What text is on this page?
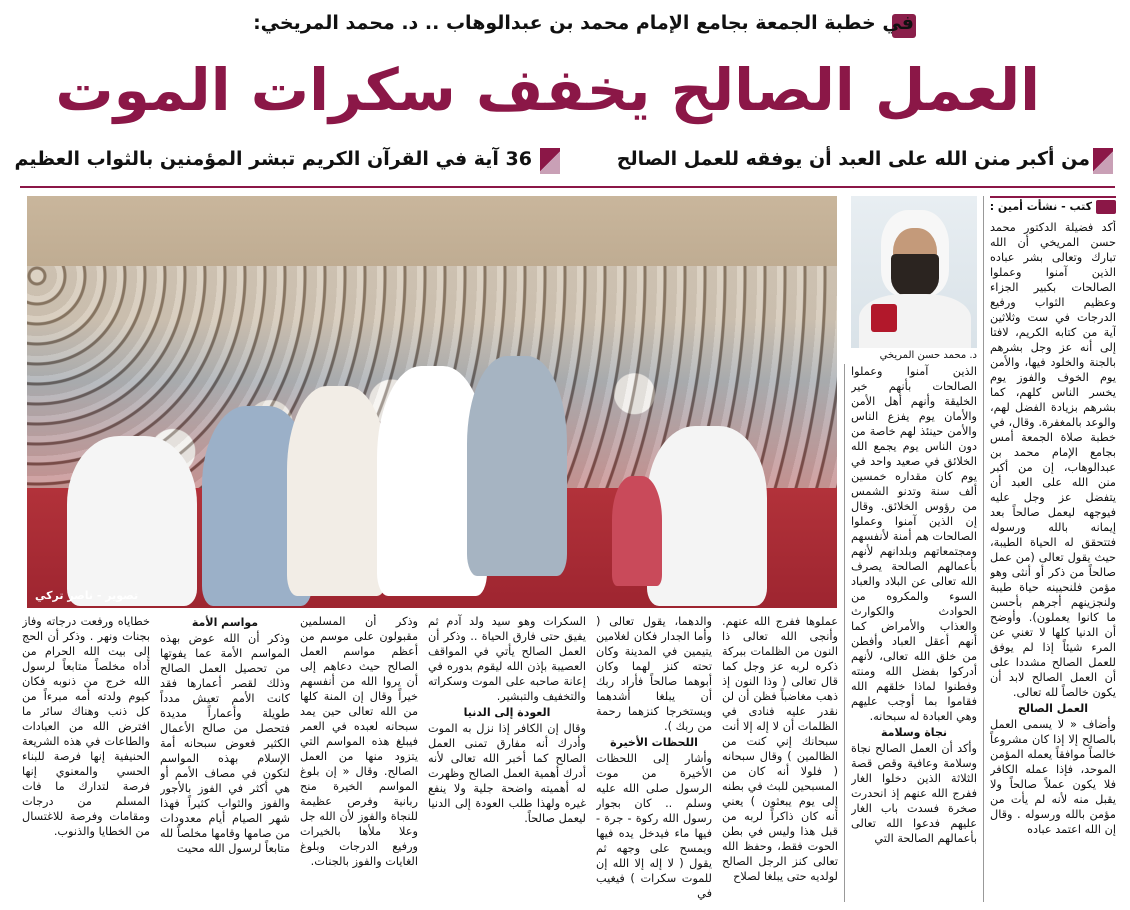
في خطبة الجمعة بجامع الإمام محمد بن عبدالوهاب .. د. محمد المريخي:
العمل الصالح يخفف سكرات الموت
من أكبر منن الله على العبد أن يوفقه للعمل الصالح
36 آية في القرآن الكريم تبشر المؤمنين بالثواب العظيم
تصوير - ناصر تركي
د. محمد حسن المريخي
كتب - نشأت أمين :

أكد فضيلة الدكتور محمد حسن المريخي أن الله تبارك وتعالى بشر عباده الذين آمنوا وعملوا الصالحات بكبير الجزاء وعظيم الثواب ورفيع الدرجات في ست وثلاثين آية من كتابه الكريم، لافتا إلى أنه عز وجل بشرهم بالجنة والخلود فيها، والأمن يوم الخوف والفوز يوم يخسر الناس كلهم، كما بشرهم بزيادة الفضل لهم، والوعد بالمغفرة. وقال، في خطبة صلاة الجمعة أمس بجامع الإمام محمد بن عبدالوهاب، إن من أكبر منن الله على العبد أن يتفضل عز وجل عليه فيوجهه ليعمل صالحاً بعد إيمانه بالله ورسوله فتتحقق له الحياة الطيبة، حيث يقول تعالى (من عمل صالحاً من ذكر أو أنثى وهو مؤمن فلنحيينه حياة طيبة ولنجزينهم أجرهم بأحسن ما كانوا يعملون). وأوضح أن الدنيا كلها لا تغني عن المرء شيئاً إذا لم يوفق للعمل الصالح مشددا على أن العمل الصالح لابد أن يكون خالصاً لله تعالى.

العمل الصالح

وأضاف « لا يسمى العمل بالصالح إلا إذا كان مشروعاً خالصاً موافقاً يعمله المؤمن الموحد، فإذا عمله الكافر فلا يكون عملاً صالحاً ولا يقبل منه لأنه لم يأت من مؤمن بالله ورسوله . وقال إن الله اعتمد عباده

الذين آمنوا وعملوا الصالحات بأنهم خير الخليقة وأنهم أهل الأمن والأمان يوم يفزع الناس والأمن حينئذ لهم خاصة من دون الناس يوم يجمع الله الخلائق في صعيد واحد في يوم كان مقداره خمسين ألف سنة وتدنو الشمس من رؤوس الخلائق. وقال إن الذين آمنوا وعملوا الصالحات هم أمنة لأنفسهم ومجتمعاتهم وبلدانهم لأنهم بأعمالهم الصالحة يصرف الله تعالى عن البلاد والعباد السوء والمكروه من الحوادث والكوارث والعذاب والأمراض كما أنهم أعقل العباد وأفطن من خلق الله تعالى، لأنهم أدركوا بفضل الله ومنته وفطنوا لماذا خلقهم الله فقاموا بما أوجب عليهم وهي العبادة له سبحانه.

نجاة وسلامة

وأكد أن العمل الصالح نجاة وسلامة وعافية وقص قصة الثلاثة الذين دخلوا الغار ففرج الله عنهم إذ انحدرت صخرة فسدت باب الغار عليهم فدعوا الله تعالى بأعمالهم الصالحة التي

عملوها ففرج الله عنهم. وأنجى الله تعالى ذا النون من الظلمات ببركة ذكره لربه عز وجل كما قال تعالى ( وذا النون إذ ذهب مغاضباً فظن أن لن نقدر عليه فنادى في الظلمات أن لا إله إلا أنت سبحانك إني كنت من الظالمين ) وقال سبحانه ( فلولا أنه كان من المسبحين للبث في بطنه إلى يوم يبعثون ) يعني أنه كان ذاكراً لربه من قبل هذا وليس في بطن الحوت فقط، وحفظ الله تعالى كنز الرجل الصالح لولديه حتى يبلغا لصلاح

والدهما، يقول تعالى ( وأما الجدار فكان لغلامين يتيمين في المدينة وكان تحته كنز لهما وكان أبوهما صالحاً فأراد ربك أن يبلغا أشدهما ويستخرجا كنزهما رحمة من ربك ).

اللحظات الأخيرة

وأشار إلى اللحظات الأخيرة من موت الرسول صلى الله عليه وسلم .. كان بجوار رسول الله ركوة - جرة - فيها ماء فيدخل يده فيها ويمسح على وجهه ثم يقول ( لا إله إلا الله إن للموت سكرات ) فيغيب في

السكرات وهو سيد ولد آدم ثم يفيق حتى فارق الحياة .. وذكر أن العمل الصالح يأتي في المواقف العصيبة بإذن الله ليقوم بدوره في إعانة صاحبه على الموت وسكراته والتخفيف والتبشير.

العودة إلى الدنيا

وقال إن الكافر إذا نزل به الموت وأدرك أنه مفارق تمنى العمل الصالح كما أخبر الله تعالى لأنه أدرك أهمية العمل الصالح وظهرت له أهميته واضحة جلية ولا ينفع غيره ولهذا طلب العودة إلى الدنيا ليعمل صالحاً.

وذكر أن المسلمين مقبولون على موسم من أعظم مواسم العمل الصالح حيث دعاهم إلى أن يروا الله من أنفسهم خيراً وقال إن المنة كلها من الله تعالى حين يمد سبحانه لعبده في العمر فيبلغ هذه المواسم التي يتزود منها من العمل الصالح. وقال « إن بلوغ المواسم الخيرة منح ربانية وفرص عظيمة للنجاة والفوز لأن الله جل وعلا ملأها بالخيرات ورفيع الدرجات وبلوغ الغايات والفوز بالجنات.

مواسم الأمة

وذكر أن الله عوض بهذه المواسم الأمة عما يفوتها من تحصيل العمل الصالح وذلك لقصر أعمارها فقد كانت الأمم تعيش مدداً طويلة وأعماراً مديدة فتحصل من صالح الأعمال الكثير فعوض سبحانه أمة الإسلام بهذه المواسم لتكون في مصاف الأمم أو هي أكثر في الفوز بالأجور والفوز والثواب كثيراً فهذا شهر الصيام أيام معدودات من صامها وقامها مخلصاً لله متابعاً لرسول الله محيت

خطاياه ورفعت درجاته وفاز بجنات ونهر . وذكر أن الحج إلى بيت الله الحرام من أداه مخلصاً متابعاً لرسول الله خرج من ذنوبه فكان كيوم ولدته أمه مبرءاً من كل ذنب وهناك سائر ما افترض الله من العبادات والطاعات في هذه الشريعة الحنيفية إنها فرصة للبناء الحسي والمعنوي إنها فرصة لتدارك ما فات المسلم من درجات ومقامات وفرصة للاغتسال من الخطايا والذنوب.
